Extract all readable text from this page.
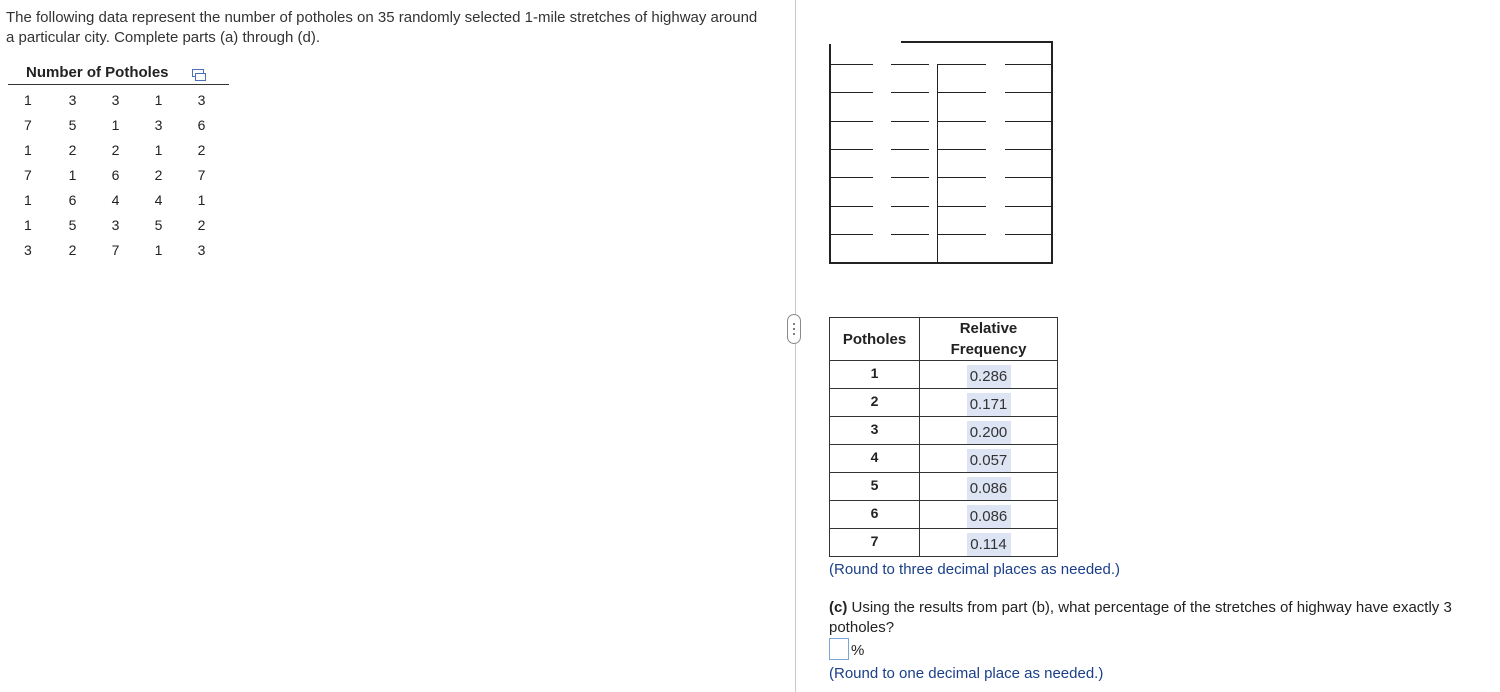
The following data represent the number of potholes on 35 randomly selected 1-mile stretches of highway around a particular city. Complete parts (a) through (d).
Number of Potholes
1	3	3	1	3
7	5	1	3	6
1	2	2	1	2
7	1	6	2	7
1	6	4	4	1
1	5	3	5	2
3	2	7	1	3
Potholes	Relative
Frequency
1	0.286
2	0.171
3	0.200
4	0.057
5	0.086
6	0.086
7	0.114
(Round to three decimal places as needed.)
(c) Using the results from part (b), what percentage of the stretches of highway have exactly 3 potholes?
%
(Round to one decimal place as needed.)
